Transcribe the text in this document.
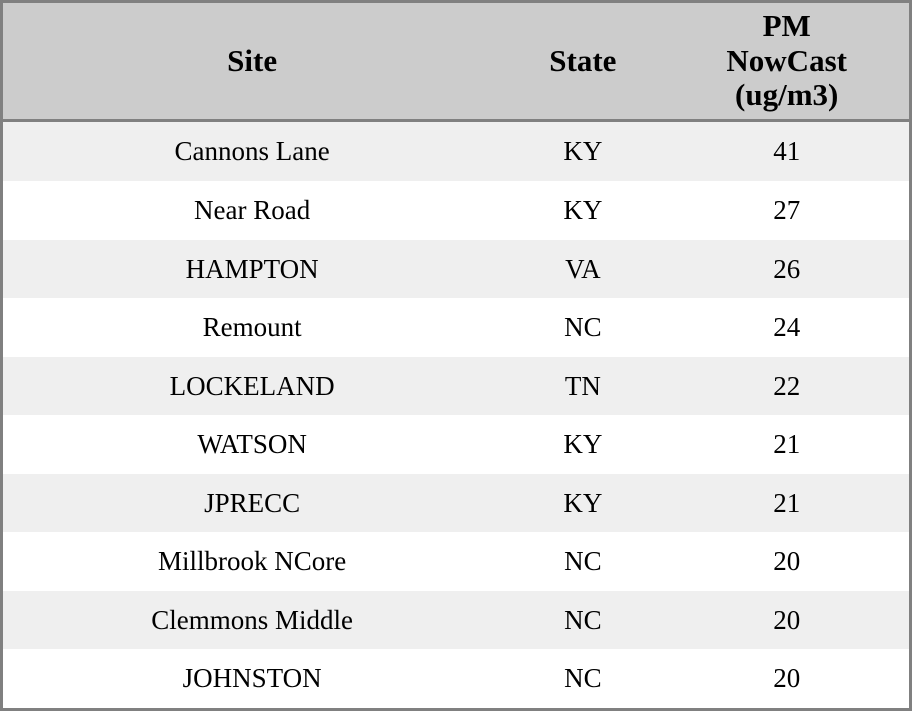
Site	State	PM
NowCast
(ug/m3)

Cannons Lane	KY	41
Near Road	KY	27
HAMPTON	VA	26
Remount	NC	24
LOCKELAND	TN	22
WATSON	KY	21
JPRECC	KY	21
Millbrook NCore	NC	20
Clemmons Middle	NC	20
JOHNSTON	NC	20
